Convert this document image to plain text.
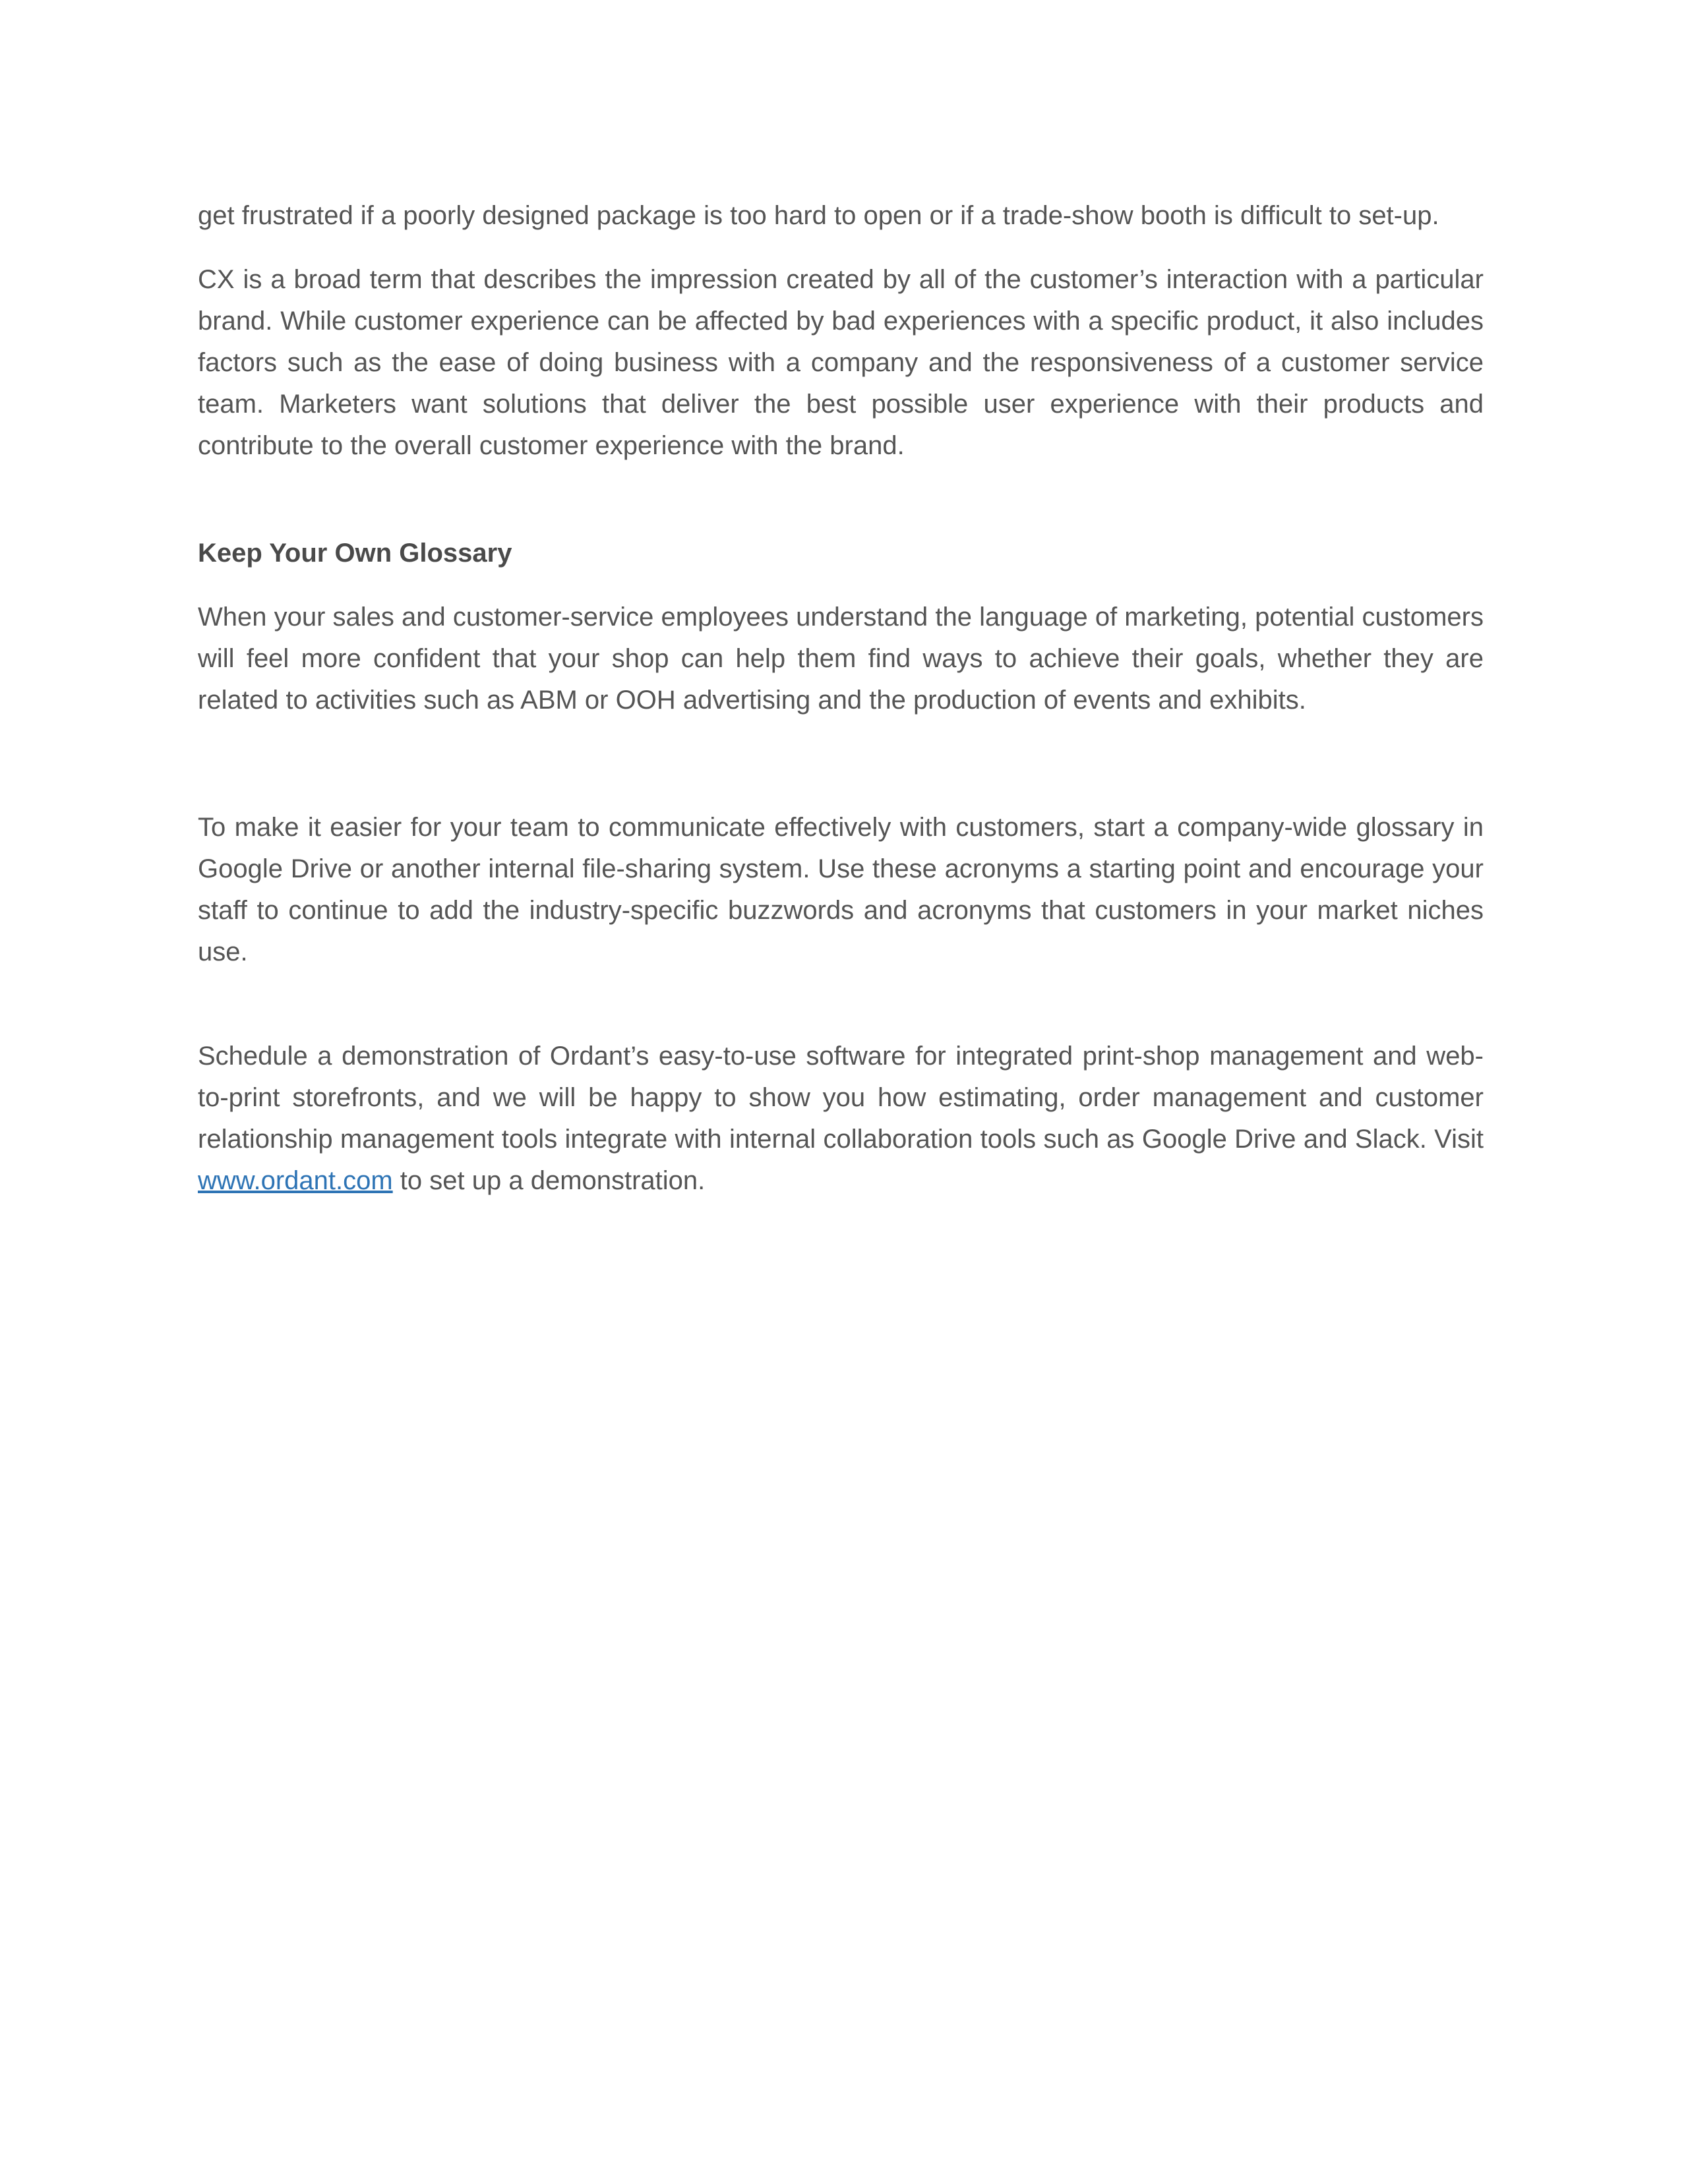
get frustrated if a poorly designed package is too hard to open or if a trade-show booth is difficult to set-up.

CX is a broad term that describes the impression created by all of the customer’s interaction with a particular brand. While customer experience can be affected by bad experiences with a specific product, it also includes factors such as the ease of doing business with a company and the responsiveness of a customer service team. Marketers want solutions that deliver the best possible user experience with their products and contribute to the overall customer experience with the brand.

Keep Your Own Glossary

When your sales and customer-service employees understand the language of marketing, potential customers will feel more confident that your shop can help them find ways to achieve their goals, whether they are related to activities such as ABM or OOH advertising and the production of events and exhibits.

To make it easier for your team to communicate effectively with customers, start a company-wide glossary in Google Drive or another internal file-sharing system. Use these acronyms a starting point and encourage your staff to continue to add the industry-specific buzzwords and acronyms that customers in your market niches use.

Schedule a demonstration of Ordant’s easy-to-use software for integrated print-shop management and web-to-print storefronts, and we will be happy to show you how estimating, order management and customer relationship management tools integrate with internal collaboration tools such as Google Drive and Slack. Visit www.ordant.com to set up a demonstration.
